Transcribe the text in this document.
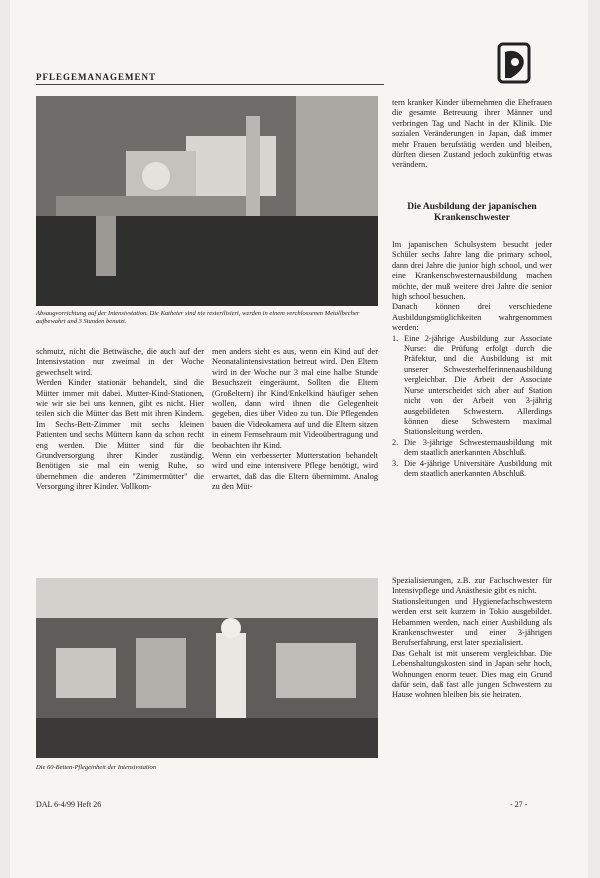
PFLEGEMANAGEMENT
Absaugvorrichtung auf der Intensivstation. Die Katheter sind nie resterilisiert, werden in einem verchlossenen Metallbecher aufbewahrt und 3 Stunden benutzt.

schmutz, nicht die Bettwäsche, die auch auf der Intensivstation nur zweimal in der Woche gewechselt wird.

Werden Kinder stationär behandelt, sind die Mütter immer mit dabei. Mutter-Kind-Stationen, wie wir sie bei uns kennen, gibt es nicht. Hier teilen sich die Mütter das Bett mit ihren Kindern. Im Sechs-Bett-Zimmer mit sechs kleinen Patienten und sechs Müttern kann da schon recht eng werden. Die Mütter sind für die Grundversorgung ihrer Kinder zuständig. Benötigen sie mal ein wenig Ruhe, so übernehmen die anderen "Zimmermütter" die Versorgung ihrer Kinder. Vollkom-

men anders sieht es aus, wenn ein Kind auf der Neonatalintensivstation betreut wird. Den Eltern wird in der Woche nur 3 mal eine halbe Stunde Besuchszeit eingeräumt. Sollten die Eltern (Großeltern) ihr Kind/Enkelkind häufiger sehen wollen, dann wird ihnen die Gelegenheit gegeben, dies über Video zu tun. Die Pflegenden bauen die Videokamera auf und die Eltern sitzen in einem Fernsehraum mit Videoübertragung und beobachten ihr Kind.

Wenn ein verbesserter Mutterstation behandelt wird und eine intensivere Pflege benötigt, wird erwartet, daß das die Eltern übernimmt. Analog zu den Müt-

tern kranker Kinder übernehmen die Ehefrauen die gesamte Betreuung ihrer Männer und verbringen Tag und Nacht in der Klinik. Die sozialen Veränderungen in Japan, daß immer mehr Frauen berufstätig werden und bleiben, dürften diesen Zustand jedoch zukünftig etwas verändern.
Die Ausbildung der japanischen Krankenschwester

Im japanischen Schulsystem besucht jeder Schüler sechs Jahre lang die primary school, dann drei Jahre die junior high school, und wer eine Krankenschwesternausbildung machen möchte, der muß weitere drei Jahre die senior high school besuchen.

Danach können drei verschiedene Ausbildungsmöglichkeiten wahrgenommen werden:

1. Eine 2-jährige Ausbildung zur Associate Nurse: die Prüfung erfolgt durch die Präfektur, und die Ausbildung ist mit unserer Schwesterhelferinnenausbildung vergleichbar. Die Arbeit der Associate Nurse unterscheidet sich aber auf Station nicht von der Arbeit von 3-jährig ausgebildeten Schwestern. Allerdings können diese Schwestern maximal Stationsleitung werden.
2. Die 3-jährige Schwesternausbildung mit dem staatlich anerkannten Abschluß.
3. Die 4-jährige Universitäre Ausbildung mit dem staatlich anerkannten Abschluß.
Die 60-Betten-Pflegeinheit der Intensivstation

Spezialisierungen, z.B. zur Fachschwester für Intensivpflege und Anästhesie gibt es nicht.

Stationsleitungen und Hygienefachschwestern werden erst seit kurzem in Tokio ausgebildet. Hebammen werden, nach einer Ausbildung als Krankenschwester und einer 3-jährigen Berufserfahrung, erst later spezialisiert.

Das Gehalt ist mit unserem vergleichbar. Die Lebenshaltungskosten sind in Japan sehr hoch, Wohnungen enorm teuer. Dies mag ein Grund dafür sein, daß fast alle jungen Schwestern zu Hause wohnen bleiben bis sie heiraten.

DAL 6-4/99 Heft 26	- 27 -
